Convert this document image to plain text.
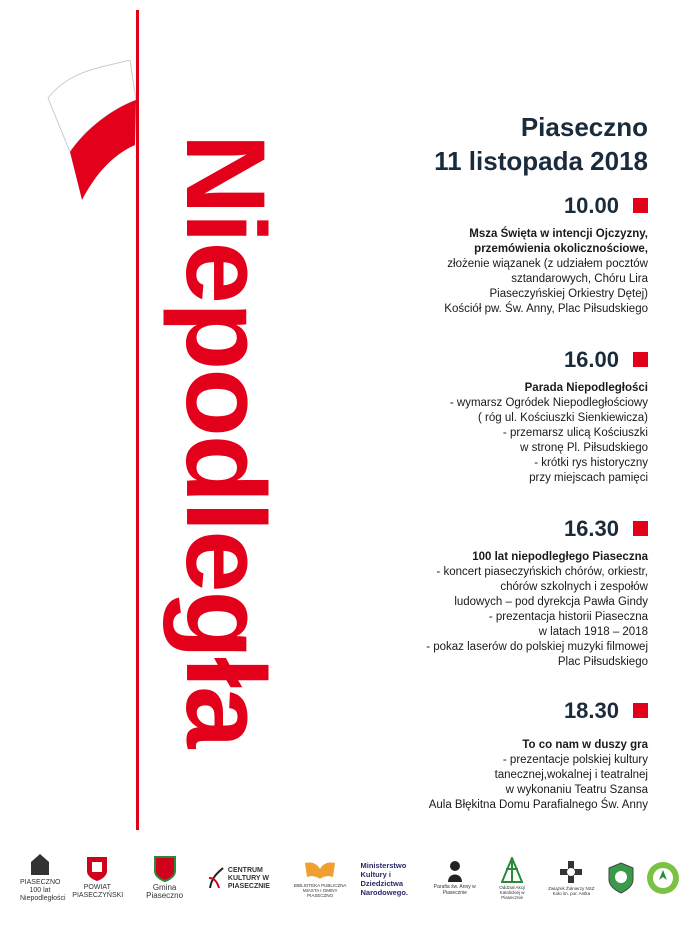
Niepodległa
Piaseczno
11 listopada 2018
10.00
Msza Święta w intencji Ojczyzny,
przemówienia okolicznościowe,
złożenie wiązanek (z udziałem pocztów
sztandarowych, Chóru Lira
Piaseczyńskiej Orkiestry Dętej)
Kościół pw. Św. Anny, Plac Piłsudskiego
16.00
Parada Niepodległości
- wymarsz Ogródek Niepodległościowy
( róg ul. Kościuszki Sienkiewicza)
- przemarsz ulicą Kościuszki
w stronę Pl. Piłsudskiego
- krótki rys historyczny
przy miejscach pamięci
16.30
100 lat niepodległego Piaseczna
- koncert piaseczyńskich chórów, orkiestr,
chórów szkolnych i zespołów
ludowych – pod dyrekcja Pawła Gindy
- prezentacja historii Piaseczna
w latach 1918 – 2018
- pokaz laserów do polskiej muzyki filmowej
Plac Piłsudskiego
18.30
To co nam w duszy gra
- prezentacje polskiej kultury
tanecznej,wokalnej i teatralnej
w wykonaniu Teatru Szansa
Aula Błękitna Domu Parafialnego Św. Anny
PIASECZNO 100 lat Niepodległości
POWIAT PIASECZYŃSKI
Gmina Piaseczno
CENTRUM KULTURY W PIASECZNIE	BIBLIOTEKA PUBLICZNA MIASTA I GMINY PIASECZNO
Ministerstwo Kultury i Dziedzictwa Narodowego.
Parafia św. Anny w Piasecznie
Oddział Akcji Katolickiej w Piasecznie
Związek Żołnierzy NSZ Koło im. por. Antka
